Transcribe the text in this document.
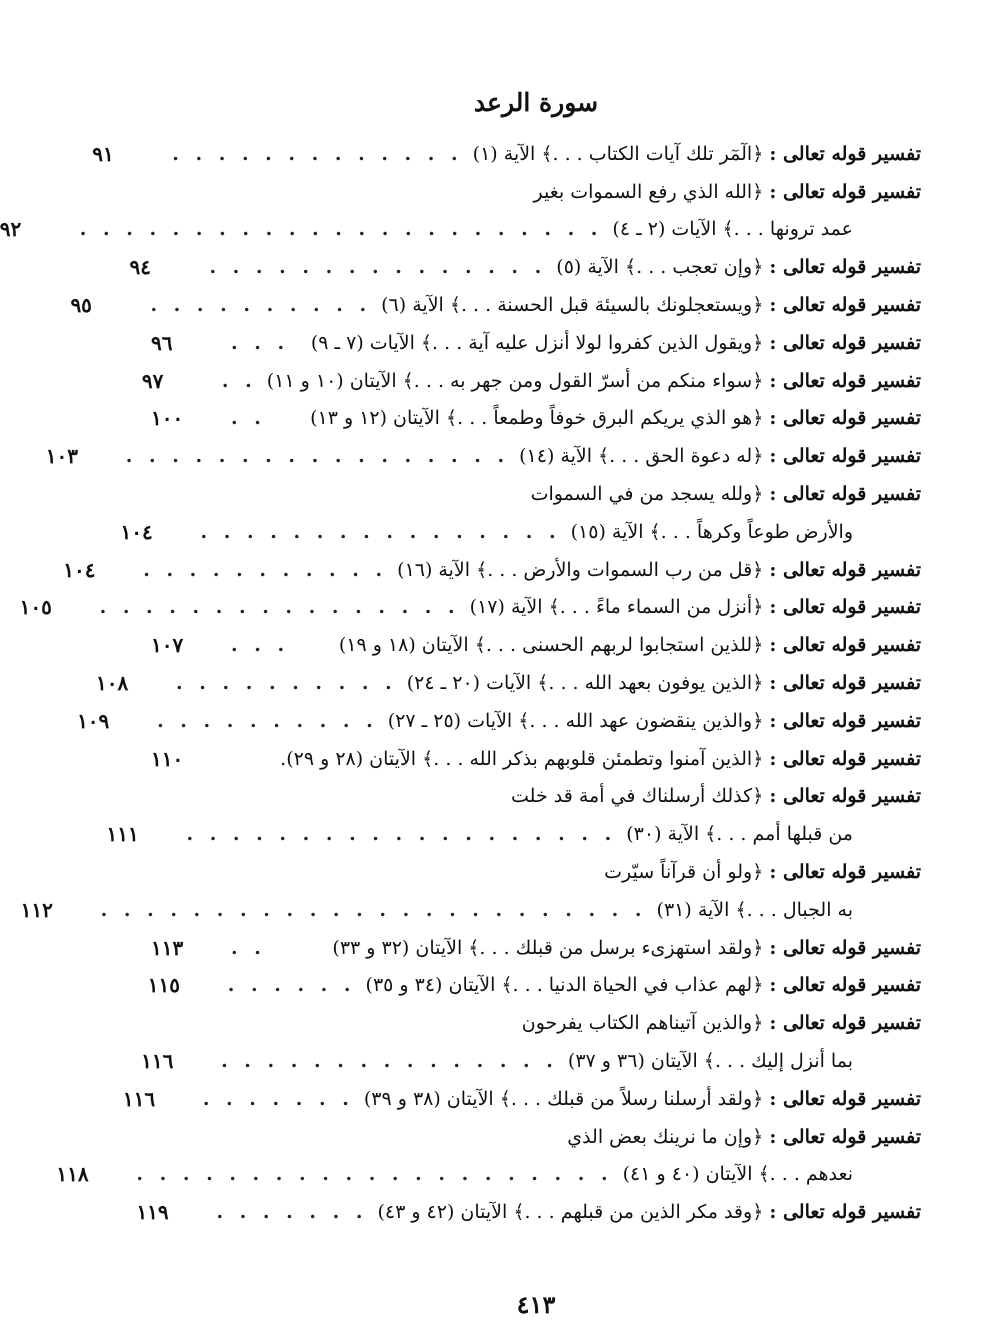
سورة الرعد
تفسير قوله تعالى :
﴿الٓمٓر تلك آيات الكتاب . . .﴾ الآية (١)
. . . . . . . . . . . . .
٩١
تفسير قوله تعالى :
﴿الله الذي رفع السموات بغير
عمد ترونها . . .﴾ الآيات (٢ ـ ٤)
. . . . . . . . . . . . . . . . . . . . . . .
٩٢
تفسير قوله تعالى :
﴿وإن تعجب . . .﴾ الآية (٥)
. . . . . . . . . . . . . . .
٩٤
تفسير قوله تعالى :
﴿ويستعجلونك بالسيئة قبل الحسنة . . .﴾ الآية (٦)
. . . . . . . . . .
٩٥
تفسير قوله تعالى :
﴿ويقول الذين كفروا لولا أنزل عليه آية . . .﴾ الآيات (٧ ـ ٩)
. . .
٩٦
تفسير قوله تعالى :
﴿سواء منكم من أسرّ القول ومن جهر به . . .﴾ الآيتان (١٠ و ١١)
. .
٩٧
تفسير قوله تعالى :
﴿هو الذي يريكم البرق خوفاً وطمعاً . . .﴾ الآيتان (١٢ و ١٣)
. .
١٠٠
تفسير قوله تعالى :
﴿له دعوة الحق . . .﴾ الآية (١٤)
. . . . . . . . . . . . . . . . .
١٠٣
تفسير قوله تعالى :
﴿ولله يسجد من في السموات
والأرض طوعاً وكرهاً . . .﴾ الآية (١٥)
. . . . . . . . . . . . . . . .
١٠٤
تفسير قوله تعالى :
﴿قل من رب السموات والأرض . . .﴾ الآية (١٦)
. . . . . . . . . . .
١٠٤
تفسير قوله تعالى :
﴿أنزل من السماء ماءً . . .﴾ الآية (١٧)
. . . . . . . . . . . . . . . .
١٠٥
تفسير قوله تعالى :
﴿للذين استجابوا لربهم الحسنى . . .﴾ الآيتان (١٨ و ١٩)
. . .
١٠٧
تفسير قوله تعالى :
﴿الذين يوفون بعهد الله . . .﴾ الآيات (٢٠ ـ ٢٤)
. . . . . . . . . .
١٠٨
تفسير قوله تعالى :
﴿والذين ينقضون عهد الله . . .﴾ الآيات (٢٥ ـ ٢٧)
. . . . . . . . . .
١٠٩
تفسير قوله تعالى :
﴿الذين آمنوا وتطمئن قلوبهم بذكر الله . . .﴾ الآيتان (٢٨ و ٢٩).
١١٠
تفسير قوله تعالى :
﴿كذلك أرسلناك في أمة قد خلت
من قبلها أمم . . .﴾ الآية (٣٠)
. . . . . . . . . . . . . . . . . . .
١١١
تفسير قوله تعالى :
﴿ولو أن قرآناً سيّرت
به الجبال . . .﴾ الآية (٣١)
. . . . . . . . . . . . . . . . . . . . . . . .
١١٢
تفسير قوله تعالى :
﴿ولقد استهزىء برسل من قبلك . . .﴾ الآيتان (٣٢ و ٣٣)
. .
١١٣
تفسير قوله تعالى :
﴿لهم عذاب في الحياة الدنيا . . .﴾ الآيتان (٣٤ و ٣٥)
. . . . . .
١١٥
تفسير قوله تعالى :
﴿والذين آتيناهم الكتاب يفرحون
بما أنزل إليك . . .﴾ الآيتان (٣٦ و ٣٧)
. . . . . . . . . . . . . . .
١١٦
تفسير قوله تعالى :
﴿ولقد أرسلنا رسلاً من قبلك . . .﴾ الآيتان (٣٨ و ٣٩)
. . . . . . .
١١٦
تفسير قوله تعالى :
﴿وإن ما نرينك بعض الذي
نعدهم . . .﴾ الآيتان (٤٠ و ٤١)
. . . . . . . . . . . . . . . . . . . . .
١١٨
تفسير قوله تعالى :
﴿وقد مكر الذين من قبلهم . . .﴾ الآيتان (٤٢ و ٤٣)
. . . . . . .
١١٩
٤١٣
